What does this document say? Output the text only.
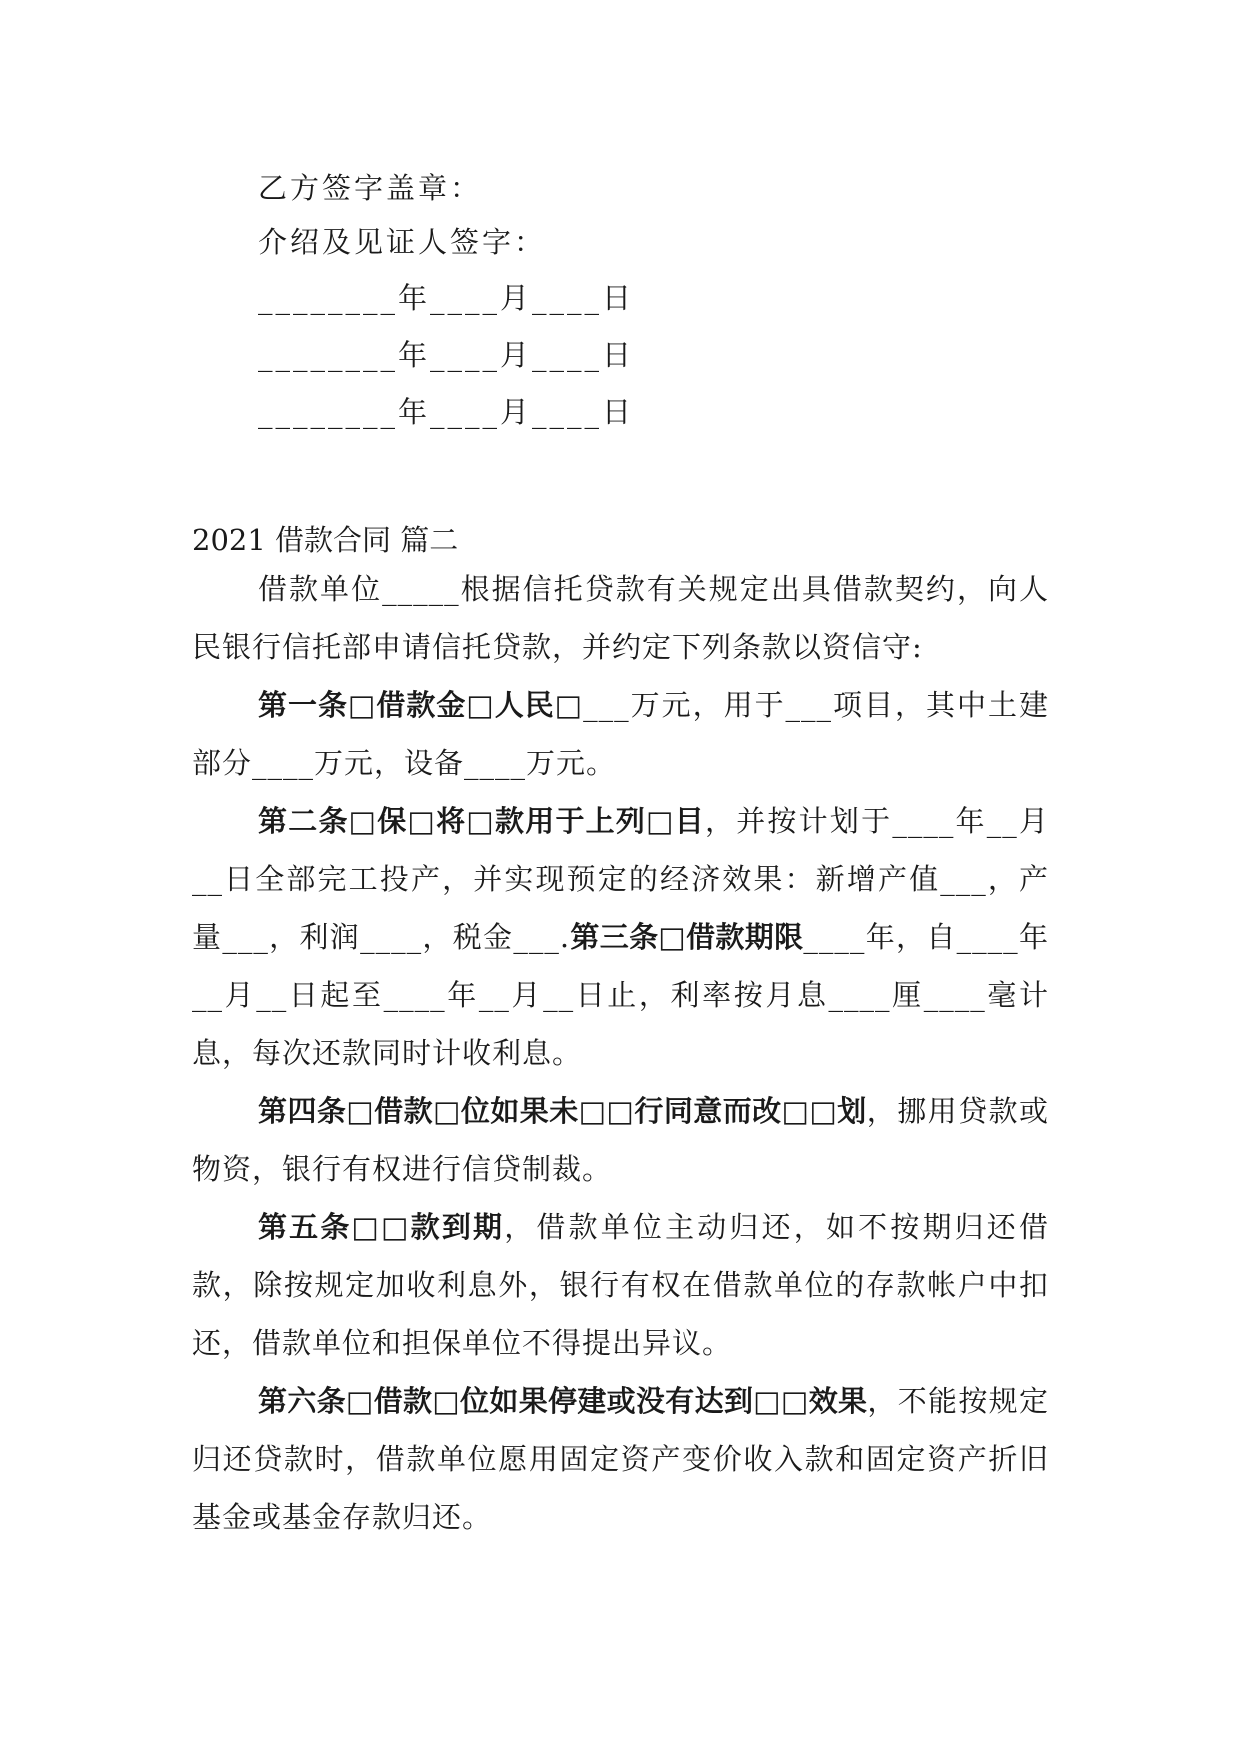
乙方签字盖章：
介绍及见证人签字：
________年____月____日
________年____月____日
________年____月____日
2021 借款合同 篇二

借款单位_____根据信托贷款有关规定出具借款契约，向人民银行信托部申请信托贷款，并约定下列条款以资信守:

第一条□借款金□人民□___万元，用于___项目，其中土建部分____万元，设备____万元。

第二条□保□将□款用于上列□目，并按计划于____年__月__日全部完工投产，并实现预定的经济效果：新增产值___，产量___，利润____，税金___.第三条□借款期限____年，自____年__月__日起至____年__月__日止，利率按月息____厘____毫计息，每次还款同时计收利息。

第四条□借款□位如果未□□行同意而改□□划，挪用贷款或物资，银行有权进行信贷制裁。

第五条□□款到期，借款单位主动归还，如不按期归还借款，除按规定加收利息外，银行有权在借款单位的存款帐户中扣还，借款单位和担保单位不得提出异议。

第六条□借款□位如果停建或没有达到□□效果，不能按规定归还贷款时，借款单位愿用固定资产变价收入款和固定资产折旧基金或基金存款归还。
